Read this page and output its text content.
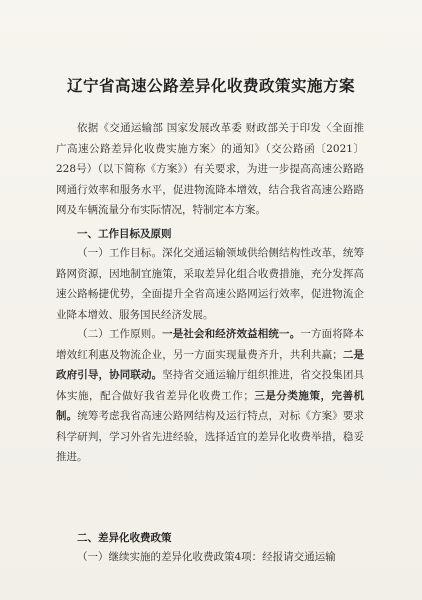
辽宁省高速公路差异化收费政策实施方案
依据《交通运输部 国家发展改革委 财政部关于印发〈全面推广高速公路差异化收费实施方案〉的通知》（交公路函〔2021〕228号）（以下简称《方案》）有关要求，为进一步提高高速公路路网通行效率和服务水平，促进物流降本增效，结合我省高速公路路网及车辆流量分布实际情况，特制定本方案。
一、工作目标及原则
（一）工作目标。深化交通运输领域供给侧结构性改革，统筹路网资源，因地制宜施策，采取差异化组合收费措施，充分发挥高速公路畅捷优势，全面提升全省高速公路网运行效率，促进物流企业降本增效、服务国民经济发展。
（二）工作原则。一是社会和经济效益相统一。一方面将降本增效红利惠及物流企业，另一方面实现量费齐升，共利共赢；二是政府引导，协同联动。坚持省交通运输厅组织推进，省交投集团具体实施，配合做好我省差异化收费工作；三是分类施策，完善机制。统筹考虑我省高速公路网结构及运行特点，对标《方案》要求科学研判，学习外省先进经验，选择适宜的差异化收费举措，稳妥推进。
二、差异化收费政策
（一）继续实施的差异化收费政策4项：经报请交通运输
